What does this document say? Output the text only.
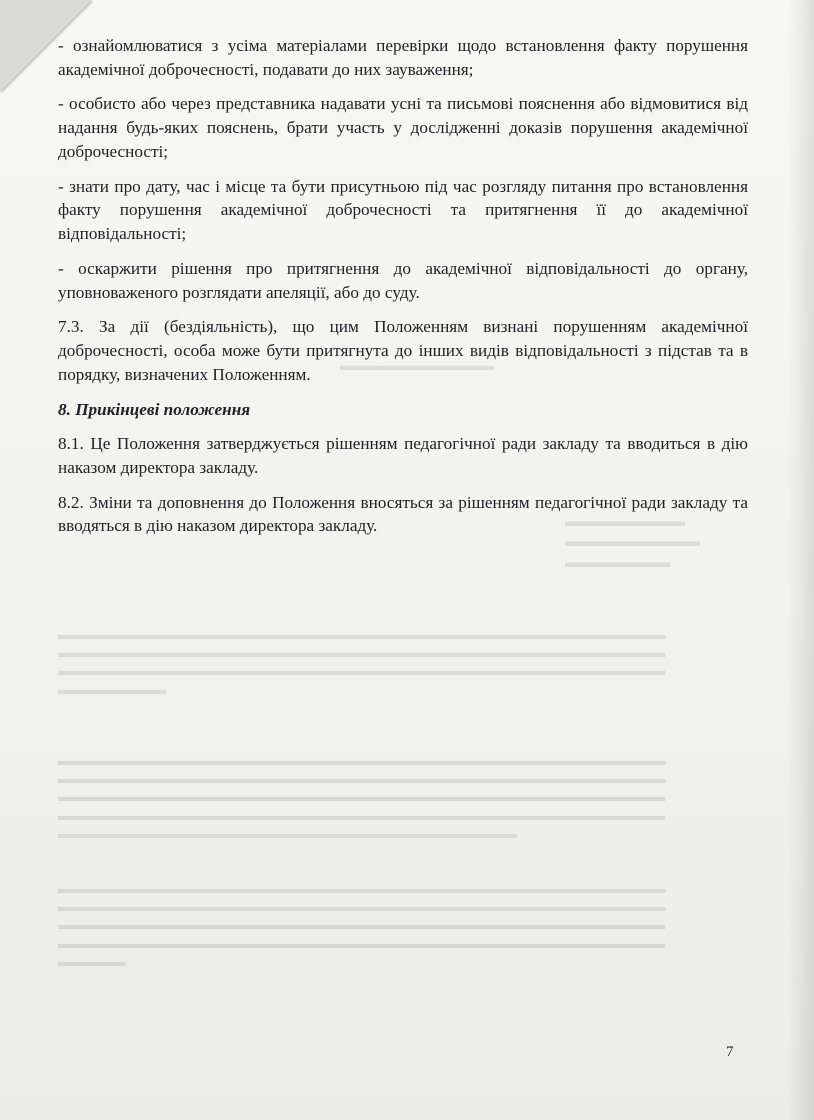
▬▬▬▬▬▬▬▬▬▬▬
▬▬▬▬▬▬▬▬
▬▬▬▬▬▬▬▬▬
▬▬▬▬▬▬▬
▬▬▬▬▬▬▬▬▬▬▬▬▬▬▬▬▬▬▬▬▬▬▬▬▬▬▬▬▬▬▬▬▬▬▬▬▬▬▬▬▬▬▬▬▬
▬▬▬▬▬▬▬▬▬▬▬▬▬▬▬▬▬▬▬▬▬▬▬▬▬▬▬▬▬▬▬▬▬▬▬▬▬▬▬▬▬▬▬▬▬
▬▬▬▬▬▬▬▬▬▬▬▬▬▬▬▬▬▬▬▬▬▬▬▬▬▬▬▬▬▬▬▬▬▬▬▬▬▬▬▬▬▬▬▬▬
▬▬▬▬▬▬▬▬
▬▬▬▬▬▬▬▬▬▬▬▬▬▬▬▬▬▬▬▬▬▬▬▬▬▬▬▬▬▬▬▬▬▬▬▬▬▬▬▬▬▬▬▬▬
▬▬▬▬▬▬▬▬▬▬▬▬▬▬▬▬▬▬▬▬▬▬▬▬▬▬▬▬▬▬▬▬▬▬▬▬▬▬▬▬▬▬▬▬▬
▬▬▬▬▬▬▬▬▬▬▬▬▬▬▬▬▬▬▬▬▬▬▬▬▬▬▬▬▬▬▬▬▬▬▬▬▬▬▬▬▬▬▬▬▬
▬▬▬▬▬▬▬▬▬▬▬▬▬▬▬▬▬▬▬▬▬▬▬▬▬▬▬▬▬▬▬▬▬▬▬▬▬▬▬▬▬▬▬▬▬
▬▬▬▬▬▬▬▬▬▬▬▬▬▬▬▬▬▬▬▬▬▬▬▬▬▬▬▬▬▬▬▬▬▬
▬▬▬▬▬▬▬▬▬▬▬▬▬▬▬▬▬▬▬▬▬▬▬▬▬▬▬▬▬▬▬▬▬▬▬▬▬▬▬▬▬▬▬▬▬
▬▬▬▬▬▬▬▬▬▬▬▬▬▬▬▬▬▬▬▬▬▬▬▬▬▬▬▬▬▬▬▬▬▬▬▬▬▬▬▬▬▬▬▬▬
▬▬▬▬▬▬▬▬▬▬▬▬▬▬▬▬▬▬▬▬▬▬▬▬▬▬▬▬▬▬▬▬▬▬▬▬▬▬▬▬▬▬▬▬▬
▬▬▬▬▬▬▬▬▬▬▬▬▬▬▬▬▬▬▬▬▬▬▬▬▬▬▬▬▬▬▬▬▬▬▬▬▬▬▬▬▬▬▬▬▬
▬▬▬▬▬

- ознайомлюватися з усіма матеріалами перевірки щодо встановлення факту порушення академічної доброчесності, подавати до них зауваження;

- особисто або через представника надавати усні та письмові пояснення або відмовитися від надання будь-яких пояснень, брати участь у дослідженні доказів порушення академічної доброчесності;

- знати про дату, час і місце та бути присутньою під час розгляду питання про встановлення факту порушення академічної доброчесності та притягнення її до академічної відповідальності;

- оскаржити рішення про притягнення до академічної відповідальності до органу, уповноваженого розглядати апеляції, або до суду.

7.3. За дії (бездіяльність), що цим Положенням визнані порушенням академічної доброчесності, особа може бути притягнута до інших видів відповідальності з підстав та в порядку, визначених Положенням.

8. Прикінцеві положення

8.1. Це Положення затверджується рішенням педагогічної ради закладу та вводиться в дію наказом директора закладу.

8.2. Зміни та доповнення до Положення вносяться за рішенням педагогічної ради закладу та вводяться в дію наказом директора закладу.

7
